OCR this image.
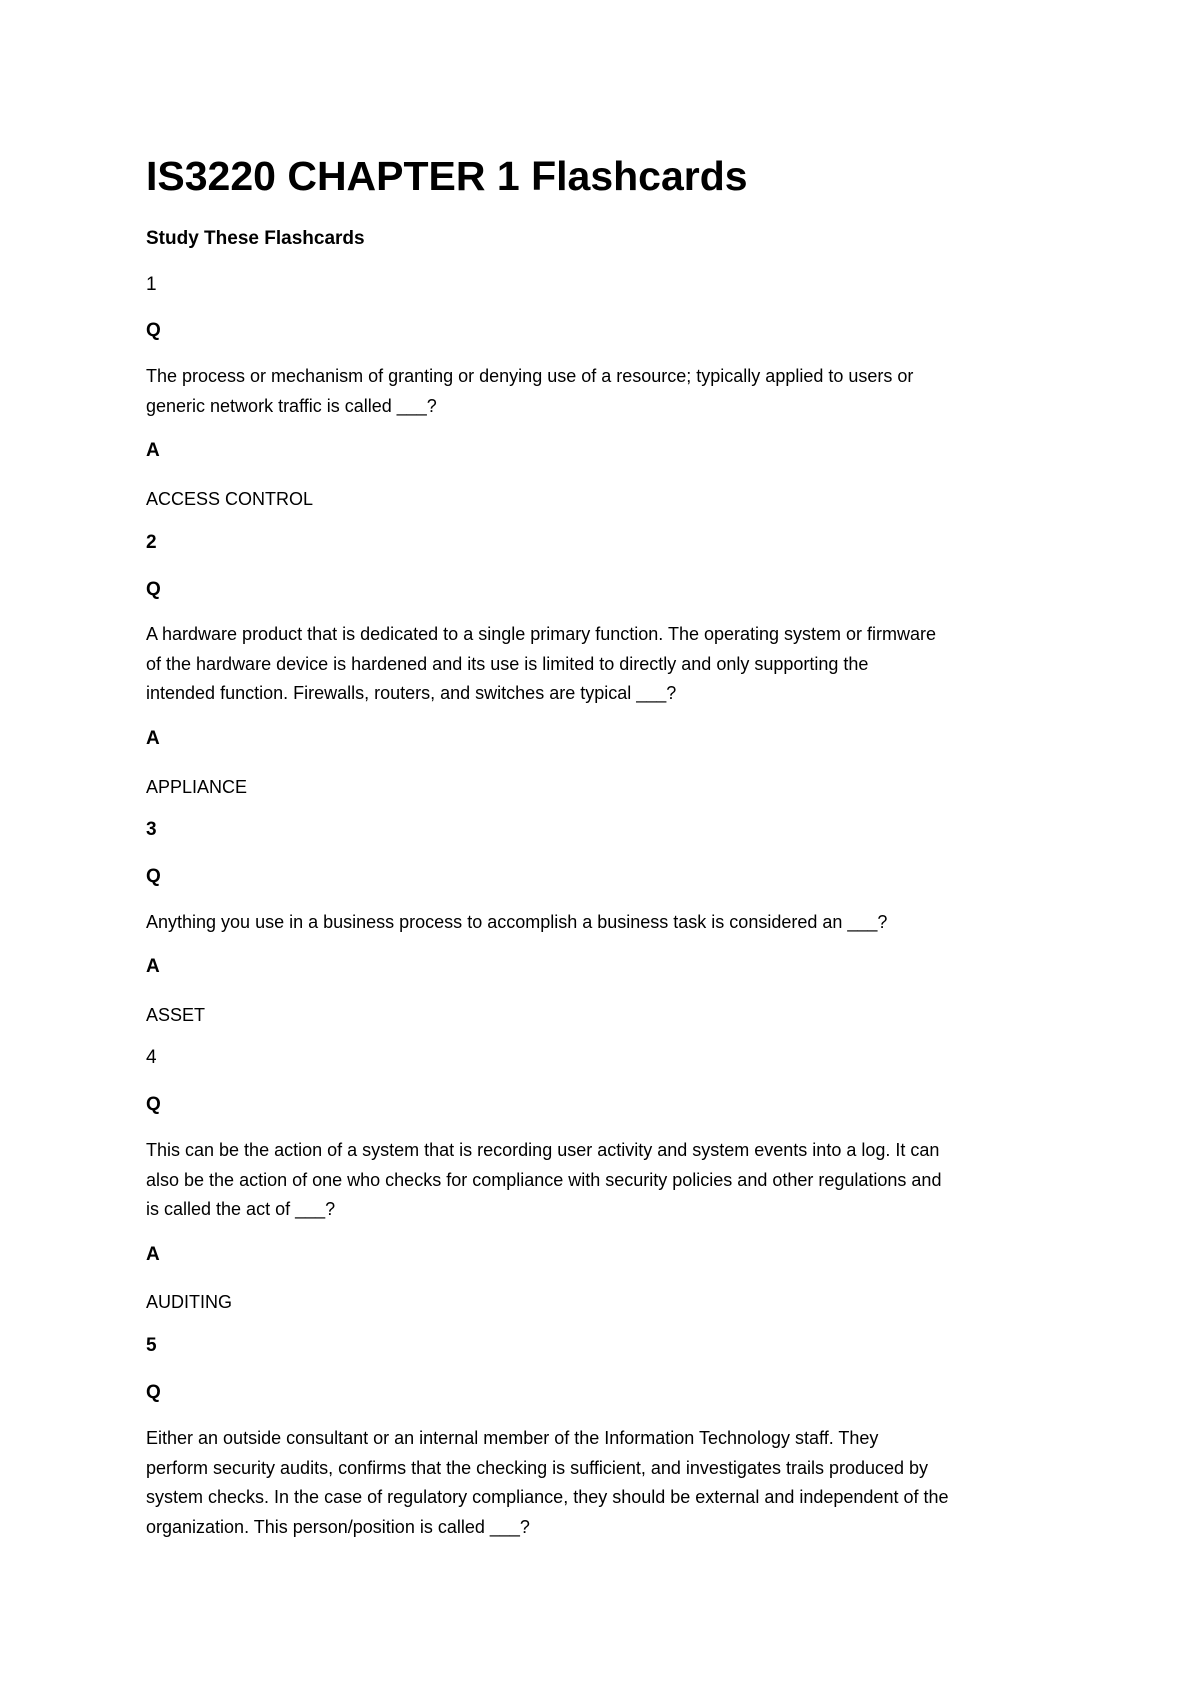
IS3220 CHAPTER 1 Flashcards
Study These Flashcards
1
Q
The process or mechanism of granting or denying use of a resource; typically applied to users or
generic network traffic is called ___?
A
ACCESS CONTROL
2
Q
A hardware product that is dedicated to a single primary function. The operating system or firmware
of the hardware device is hardened and its use is limited to directly and only supporting the
intended function. Firewalls, routers, and switches are typical ___?
A
APPLIANCE
3
Q
Anything you use in a business process to accomplish a business task is considered an ___?
A
ASSET
4
Q
This can be the action of a system that is recording user activity and system events into a log. It can
also be the action of one who checks for compliance with security policies and other regulations and
is called the act of ___?
A
AUDITING
5
Q
Either an outside consultant or an internal member of the Information Technology staff. They
perform security audits, confirms that the checking is sufficient, and investigates trails produced by
system checks. In the case of regulatory compliance, they should be external and independent of the
organization. This person/position is called ___?
